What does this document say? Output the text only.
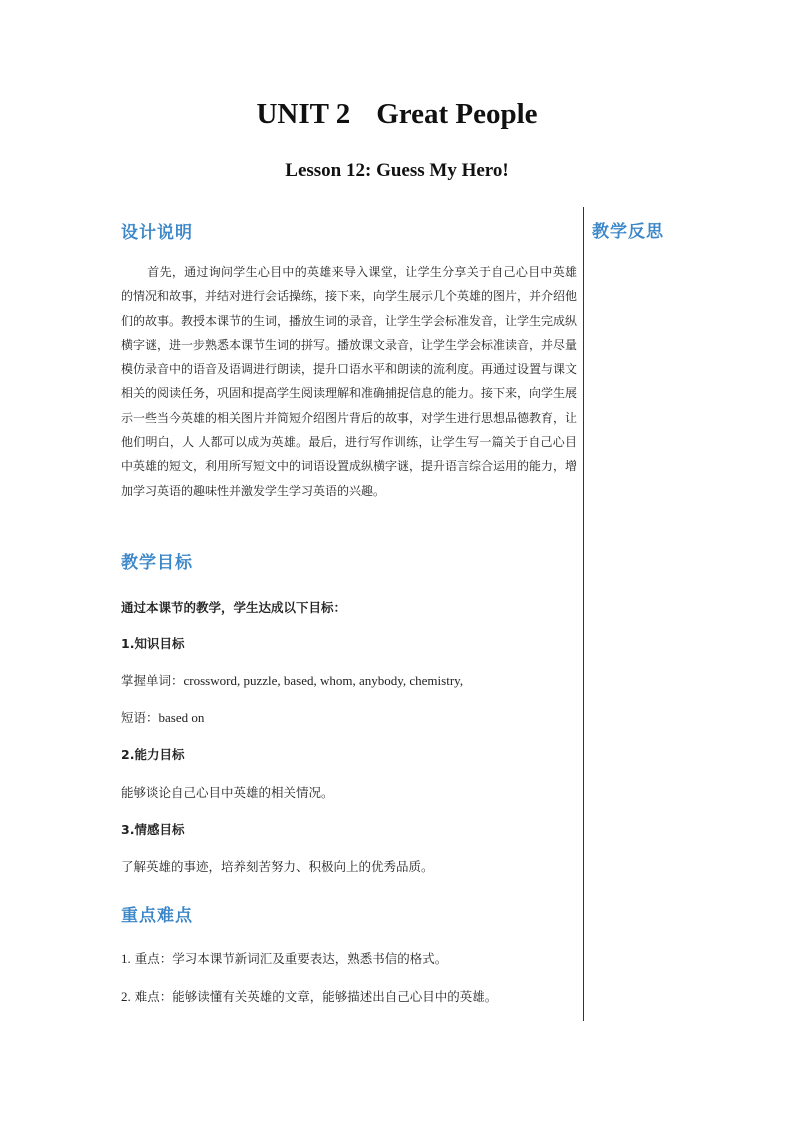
UNIT 2 Great People
Lesson 12: Guess My Hero!
设计说明	教学反思
首先，通过询问学生心目中的英雄来导入课堂，让学生分享关于自己心目中英雄的情况和故事，并结对进行会话操练，接下来，向学生展示几个英雄的图片，并介绍他们的故事。教授本课节的生词，播放生词的录音，让学生学会标准发音，让学生完成纵横字谜，进一步熟悉本课节生词的拼写。播放课文录音，让学生学会标准读音，并尽量模仿录音中的语音及语调进行朗读，提升口语水平和朗读的流利度。再通过设置与课文相关的阅读任务，巩固和提高学生阅读理解和准确捕捉信息的能力。接下来，向学生展示一些当今英雄的相关图片并简短介绍图片背后的故事，对学生进行思想品德教育，让他们明白，人 人都可以成为英雄。最后，进行写作训练，让学生写一篇关于自己心目中英雄的短文，利用所写短文中的词语设置成纵横字谜，提升语言综合运用的能力，增加学习英语的趣味性并激发学生学习英语的兴趣。
教学目标
通过本课节的教学，学生达成以下目标：
1.知识目标
掌握单词：crossword, puzzle, based, whom, anybody, chemistry,
短语：based on
2.能力目标
能够谈论自己心目中英雄的相关情况。
3.情感目标
了解英雄的事迹，培养刻苦努力、积极向上的优秀品质。
重点难点
1. 重点：学习本课节新词汇及重要表达，熟悉书信的格式。
2. 难点：能够读懂有关英雄的文章，能够描述出自己心目中的英雄。
